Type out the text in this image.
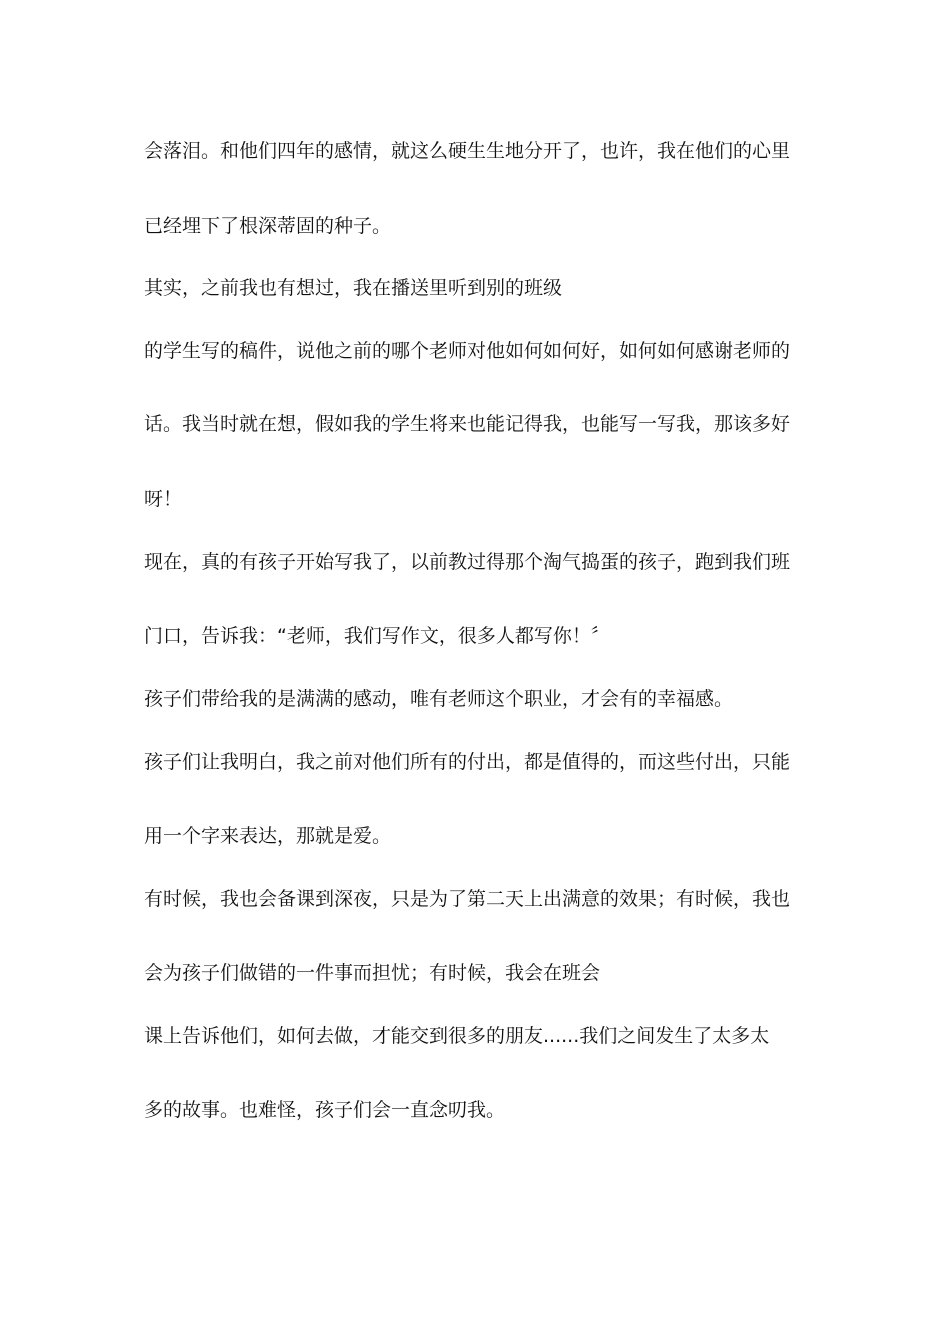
会落泪。和他们四年的感情，就这么硬生生地分开了，也许，我在他们的心里
已经埋下了根深蒂固的种子。
其实，之前我也有想过，我在播送里听到别的班级
的学生写的稿件，说他之前的哪个老师对他如何如何好，如何如何感谢老师的
话。我当时就在想，假如我的学生将来也能记得我，也能写一写我，那该多好
呀！
现在，真的有孩子开始写我了，以前教过得那个淘气捣蛋的孩子，跑到我们班
门口，告诉我：“老师，我们写作文，很多人都写你！〞
孩子们带给我的是满满的感动，唯有老师这个职业，才会有的幸福感。
孩子们让我明白，我之前对他们所有的付出，都是值得的，而这些付出，只能
用一个字来表达，那就是爱。
有时候，我也会备课到深夜，只是为了第二天上出满意的效果；有时候，我也
会为孩子们做错的一件事而担忧；有时候，我会在班会
课上告诉他们，如何去做，才能交到很多的朋友......我们之间发生了太多太
多的故事。也难怪，孩子们会一直念叨我。
